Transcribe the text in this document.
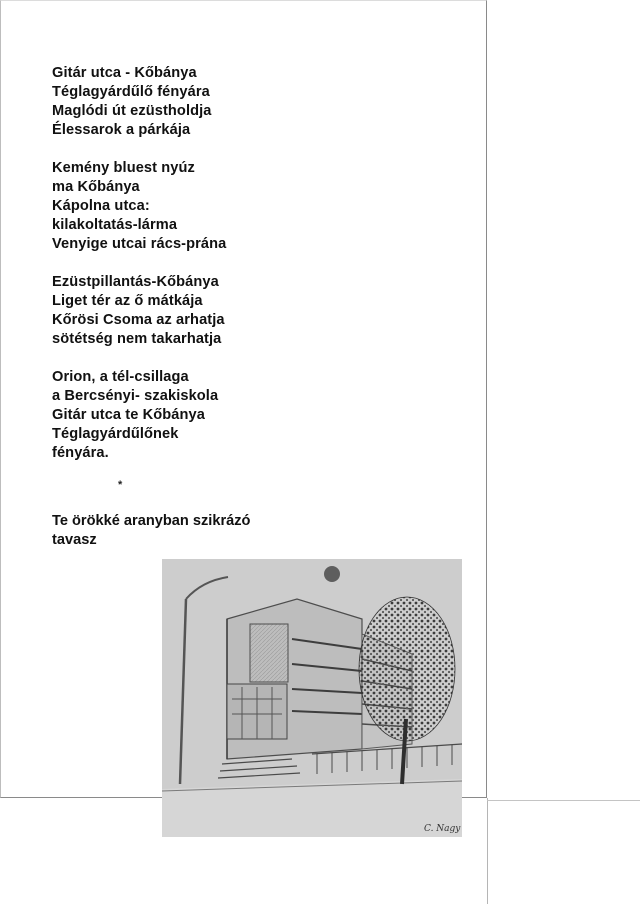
Gitár utca - Kőbánya
Téglagyárdűlő fényára
Maglódi út ezüstholdja
Élessarok a párkája
Kemény bluest nyúz
ma Kőbánya
Kápolna utca:
kilakoltatás-lárma
Venyige utcai rács-prána
Ezüstpillantás-Kőbánya
Liget tér az ő mátkája
Kőrösi Csoma az arhatja
sötétség nem takarhatja
Orion, a tél-csillaga
a Bercsényi- szakiskola
Gitár utca te Kőbánya
Téglagyárdűlőnek
fényára.
*
Te örökké aranyban szikrázó
tavasz
C. Nagy
